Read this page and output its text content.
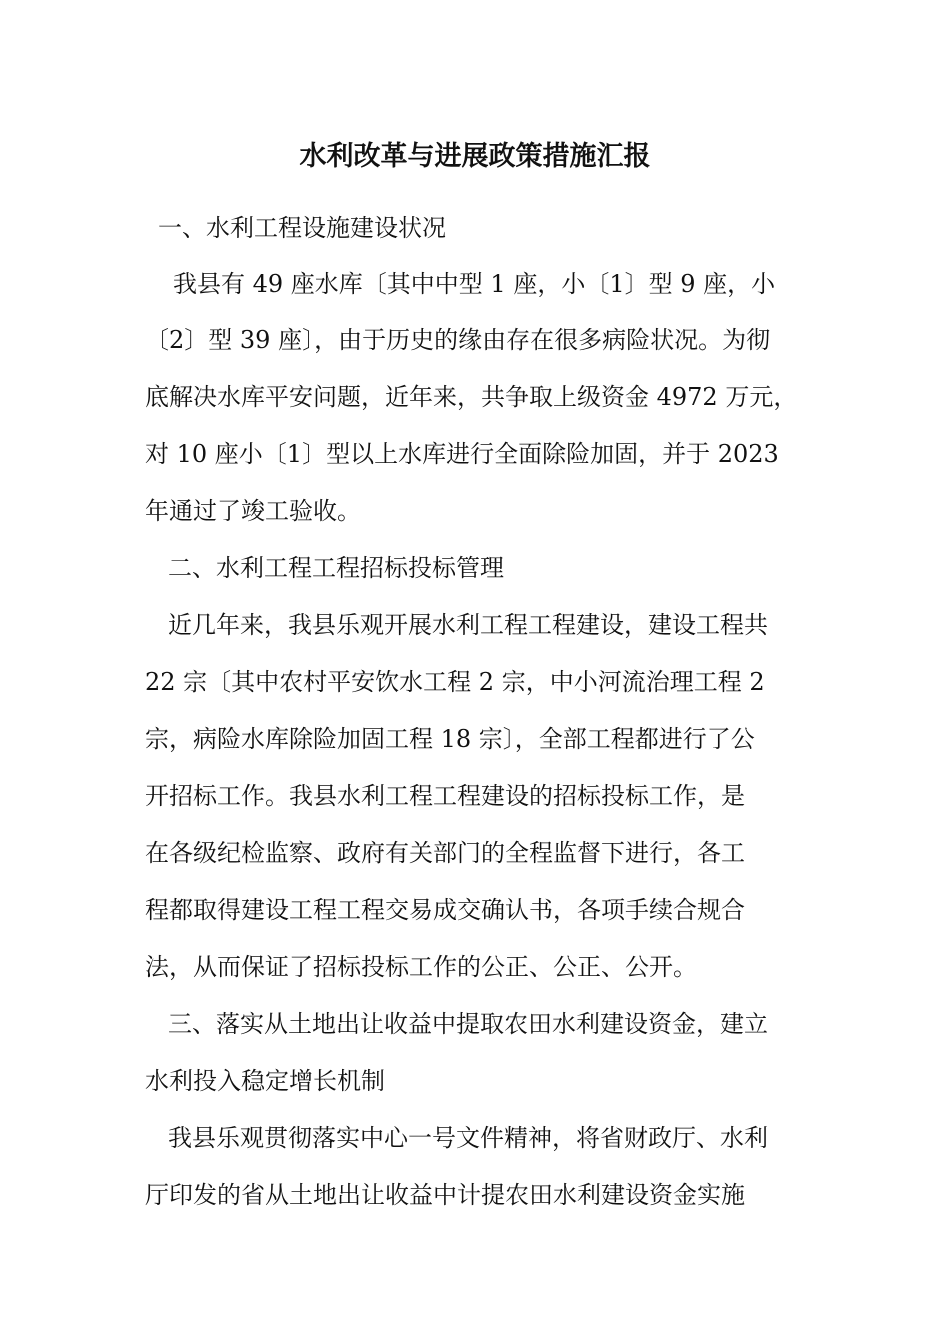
水利改革与进展政策措施汇报

一、水利工程设施建设状况

我县有 49 座水库〔其中中型 1 座，小〔1〕型 9 座，小

〔2〕型 39 座〕，由于历史的缘由存在很多病险状况。为彻

底解决水库平安问题，近年来，共争取上级资金 4972 万元，

对 10 座小〔1〕型以上水库进行全面除险加固，并于 2023

年通过了竣工验收。

二、水利工程工程招标投标管理

近几年来，我县乐观开展水利工程工程建设，建设工程共

22 宗〔其中农村平安饮水工程 2 宗，中小河流治理工程 2

宗，病险水库除险加固工程 18 宗〕，全部工程都进行了公

开招标工作。我县水利工程工程建设的招标投标工作，是

在各级纪检监察、政府有关部门的全程监督下进行，各工

程都取得建设工程工程交易成交确认书，各项手续合规合

法，从而保证了招标投标工作的公正、公正、公开。

三、落实从土地出让收益中提取农田水利建设资金，建立

水利投入稳定增长机制

我县乐观贯彻落实中心一号文件精神，将省财政厅、水利

厅印发的省从土地出让收益中计提农田水利建设资金实施
